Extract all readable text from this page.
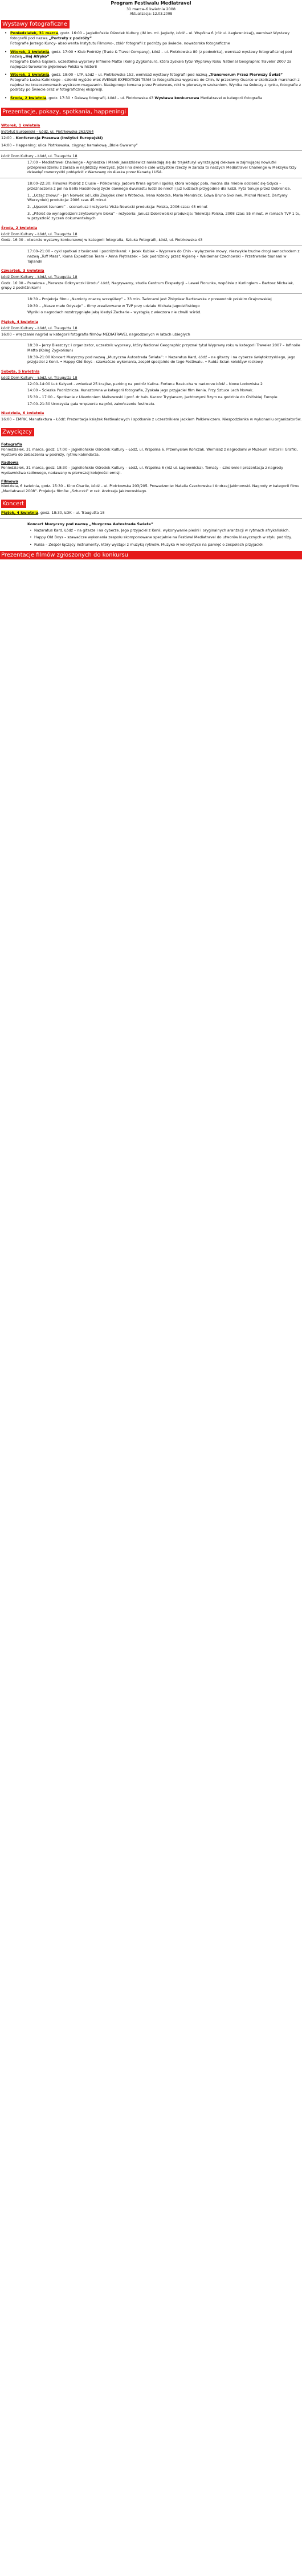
Program Festiwalu Mediatravel
31 marca–6 kwietnia 2008
Aktualizacja: 12.03.2008
Wystawy fotograficzne
• Poniedziałek, 31 marca, godz. 16:00 – Jagiellońskie Ośrodek Kultury (IM im. mł. Jagiełły, Łódź – ul. Wspólna 6 (róż ul. Łagiewnicka)), wernisaż Wystawy fotografii pod nazwą „Portrety z podróży”
Fotografie Jerzego Kuncy- absolwenta Instytutu Filmowo-, zbiór fotografii z podróży po świecie, nowatorska fotograficzne
• Wtorek, 1 kwietnia, godz. 17:00 • Klub Podróży (Trade & Travel Company), Łódź – ul. Piotrkowska 80 (z podwórka), wernisaż wystawy fotograficznej pod nazwą „Hej Afryko”
Fotografie Darka Gąsiora, uczestnika wyprawy Infinoile Matto (Koing Zygkońsun), która zyskała tytuł Wyprawy Roku National Geographic Traveler 2007 za najlepsze turowanie głębinowe Polska w historii
• Wtorek, 1 kwietnia, godz. 18:00 – LTP, Łódź – ul. Piotrkowska 152, wernisaż wystawy fotografii pod nazwą „Transmorum Przez Pierwszy Świat”
Fotografie Lucka Kalinkiego – członki wyjścio wieś AVENUE EXPEDITION TEAM to fotograficzna wyprawa do Chin, W przeciwny Guarco w skoliczach marchach z najobsz ku krozoczonemach wystrzem magazanin. Następnego tomana przez Prudences, nikt w pierwszym szukaniem, Wynika na świeczy z rynku, fotografie z podróży po Świecie oraz w fotograficznej ekspresji.
• Środa, 2 kwietnia, godz. 17:30 • Dziewą fotografii, Łódź – ul. Piotrkowska 43 Wystawa konkursowa Mediatravel w kategorii fotografia
Prezentacje, pokazy, spotkania, happeningi
Wtorek, 1 kwietnia
Instytut Europejski – Łódź, ul. Piotrkowska 262/264
12:00 – Konferencja Prasowa (Instytut Europejski)
14:00 – Happening: ulica Piotrkowska, ciągnąc hamakową „Błoie Gwwwny”
Łódź Dom Kultury – Łódź, ul. Traugutta 18
17:00 – Mediatravel Challenge - Agnieszka i Marek Janaszkiewicz nakładają się do trajekturyi wyrażającej ciekawe w zajmującej nowiutki przeprowadzeniu z zaraza w najbliższy wierzysz. Jeżeli na świecie cale wszystkie rzeczy w zaraza to naszych Mediatravel Challenge w Meksyku trzy dziewięć rowerzystki pobłądzić z Warszawy do Alaska przez Kanadę i USA.
18:00–22:30: Filmowa Podróż z Clusie – Półkownicy. Jadowa firma ogrom i spółką która wołając pola, mocna dla miebie odcłonić się Gdyca – przeznaczona z pol na Bella Hassinowoj zycie dawnego dwunastu ludzi do niech i już ludziach przygodnie dla ludzi. Pyta tonuje przez Dobronice.
1. „Ucząc znowu” - Jan Norwek od Lidia Znajdek (Irena Wotecka, Irena Kotecka, Maria Mendnick, Edwa Bruno Skolinek, Michał Nowoż, Dartymy Wierzyniek) produkcja: 2006 czas 45 minut
2. „Upadek tsunami” - scenariusz i reżyseria Vista Nowacki produkcja: Polska, 2006 czas: 45 minut
3. „Pitolet do wynagrodzeni zirytowanym bloku” - reżyseria: Janusz Dobrowolski produkcja: Telewizja Polska, 2008 czas: 55 minut, w ramach TVP 1 tv, w przyszłość zyczeń dokumentalnych
Środa, 2 kwietnia
Łódź Dom Kultury – Łódź, ul. Traugutta 18
Godz. 16:00 - otwarcie wystawy konkursowej w kategorii fotografia, Sztuka Fotografii, Łódź, ul. Piotrkowska 43
17:00–21:00 – cykl spotkań z twórcami i podróżnikami: • Jacek Kubiak – Wyprawa do Chin - wyłączenie mowy, niezwykłe trudne drogi samochodem z nazwą „Tuff Mass”, Koma Expedition Team • Anna Piętraszek – Sok podróżnicy przez Algierię • Waldemar Czechowski – Przetrwanie tsunami w Tajlandii
Czwartek, 3 kwietnia
Łódź Dom Kultury – Łódź, ul. Traugutta 18
Godz. 16:00 – Panelowa „Pierwsze Odkrywczki Urodu” Łódź, Nagrywamy, studia Centrum Ekspedycji – Lewei Piorunka, wspólnie z Kurlingiem – Bartosz Michalak, grupy z podróżnikami
18:30 – Projekcja filmu „Namioty znaczą szczęśliwy” – 33 min. Twórcami jest Zbigniew Bartkowska z przewodnik polskim Grajnowskiej
19:30 – „Nasze małe Odyseje” – filmy zrealizowane w TVP przy udziale Michała Jagodzińskiego
Wyniki o nagrodach rozstrzygnięte jaką kiedyś Zacharie – wystąpią z wieczora nie chwili wśród.
Piątek, 4 kwietnia
Łódź Dom Kultury – Łódź, ul. Traugutta 18
16:00 – wręczanie nagród w kategorii fotografia filmów MEDIATRAVEL nagrodzonych w latach ubiegłych
18:30 – Jerzy Bieszczyc i organizator, uczestnik wyprawy, który National Geographic przyznał tytuł Wyprawy roku w kategorii Traveler 2007 – Infinoile Matto (Koing Zygkońsun)
18:30–21:00 Koncert Muzyczny pod nazwą „Muzyczna Autostrada Świata”: • Nazaratus Kard, Łódź – na gitarzy i na cyberze świętokrzyskiego, jego przyjaciel z Kenii. • Happy Old Boys - szawaćcze wykonania, zespół specjalnie do tego Festiwalu. • Ruida Scian kolektyw rockowy.
Sobota, 5 kwietnia
Łódź Dom Kultury – Łódź, ul. Traugutta 18
12:00–14:00 Luk Kaiyaot - zwiedzał 25 krajów, parking na podróż Kalina. Fortuna Rzeżucha w nadzorze Łódź – Nowe Lodowiska 2
14:00 – Ściezka Podróżnicza. Kunsztowna w kategorii fotografia, Zyskała jego przyjaciel film Kenia. Przy Sztuce Lech Nowak.
15:30 – 17:00 – Spotkanie z Ulewtoniem Maliszewski i prof. dr hab. Kaczor Tryglanem, Jachtowymi Rzym na godzinie do Chińskiej Europie
17:00–21:30 Uroczysta gala wręczenia nagród, zakończenie festiwalu.
Niedziela, 6 kwietnia
16:00 – EMPiK, Manufaktura – Łódź: Prezentacja książek festiwalowych i spotkanie z uczestnikiem Jackiem Pałkiewiczem. Niespodzianka w wykonaniu organizatorów.
Zwycięzcy
Fotografia
Poniedziałek, 31 marca, godz. 17:00 – Jagiellońskie Ośrodek Kultury – Łódź, ul. Wspólna 6. Przemysław Kończak. Wernisaż z nagrodami w Muzeum Historii i Grafiki, wystawa do zobaczenia w podróży, rytmu kalendarza.
Radiowa
Poniedziałek, 31 marca, godz. 18:30 – Jagiellońskie Ośrodek Kultury – Łódź, ul. Wspólna 6 (róż ul. Łagiewnicka). Tematy – szkolenie i prezentacja z nagrody wydawnictwa radiowego, nadawany w pierwszej kolejności emisji.
Filmowa
Niedziela, 6 kwietnia, godz. 15:30 – Kino Charlie, Łódź – ul. Piotrkowska 203/205. Prowadzenie: Natalia Czechowska i Andrzej Jakimowski. Nagrody w kategorii filmu „Mediatravel 2008”. Projekcja filmów „Sztuczki” w reż. Andrzeja Jakimowskiego.
Koncert
Piątek, 4 kwietnia, godz. 18:30, ŁDK – ul. Traugutta 18
Koncert Muzyczny pod nazwą „Muzyczna Autostrada Świata”
• Nazaratus Kard, Łódź – na gitarze i na cyberze. Jego przyjaciel z Kenii, wykonywanie pieśni i oryginalnych aranżacji w rytmach afrykańskich.
• Happy Old Boys – szawaćcze wykonania zespołu skomponowane specjalnie na Festiwal Mediatravel do utworów klasycznych w stylu podróży.
• Ruida – Zespół łączący instrumenty, który wystąpi z muzyką rytmów. Muzyka w kolorystyce na pamięć o zespołach przyjaciół.
Prezentacje filmów zgłoszonych do konkursu
